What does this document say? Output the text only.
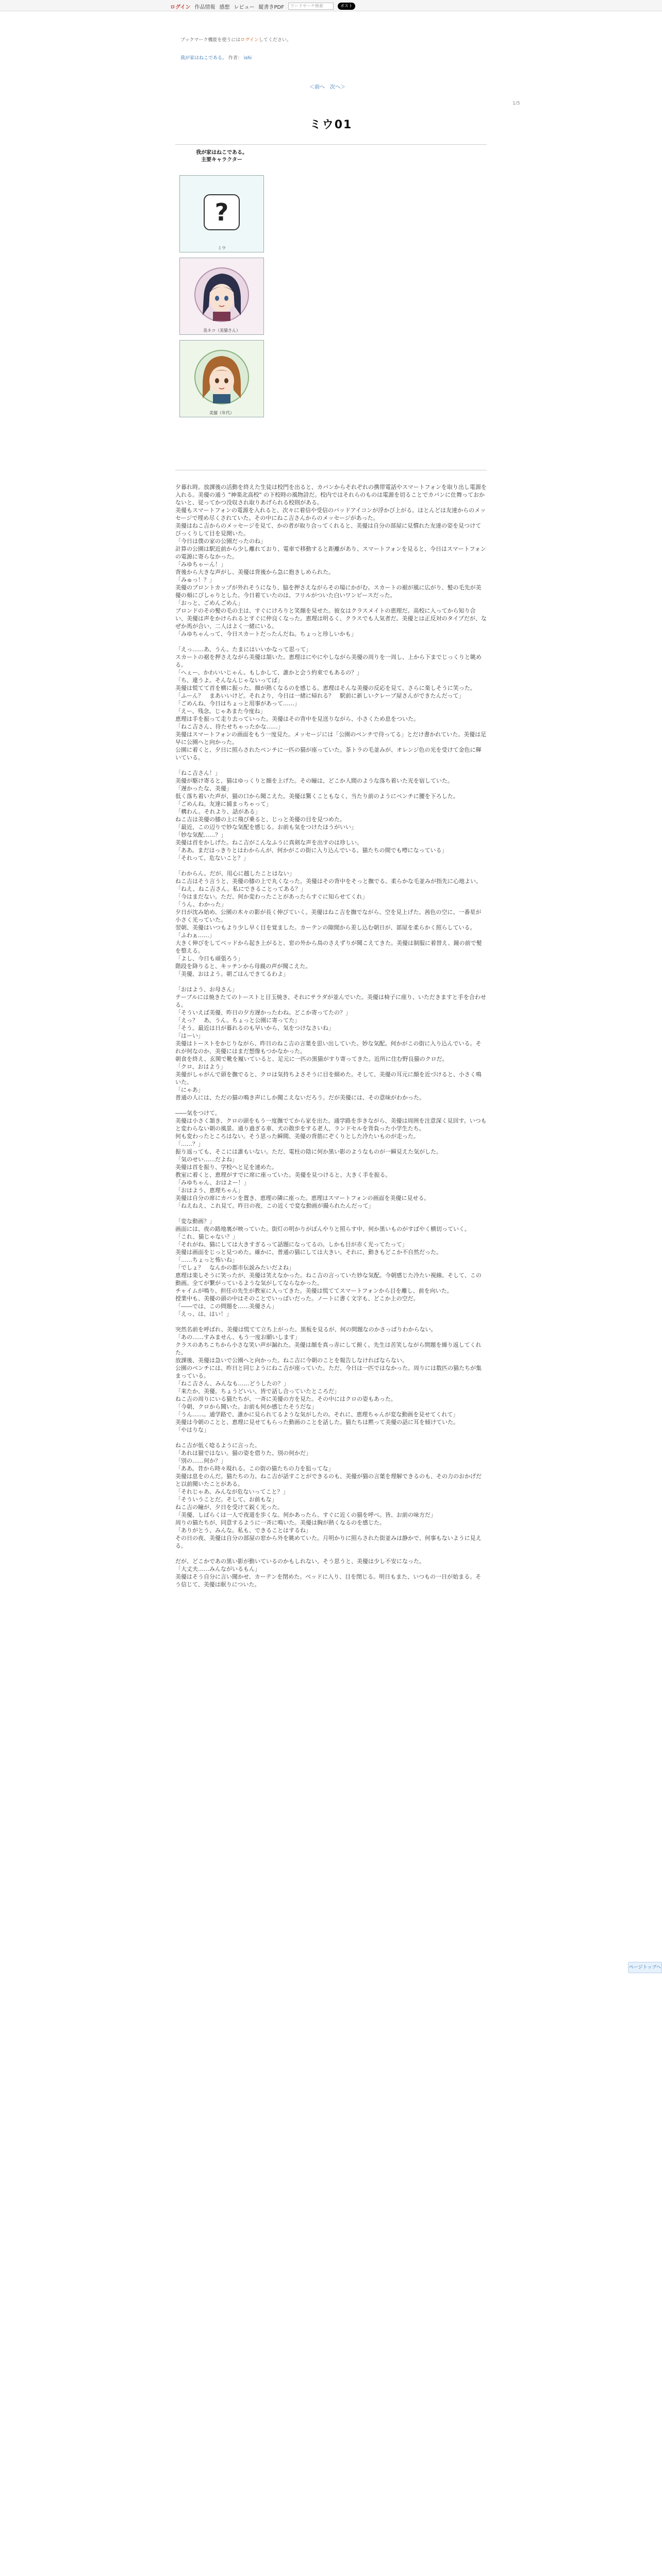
ログイン 作品情報 感想 レビュー 縦書きPDF	ワードサーチ検索	ポスト
ブックマーク機能を使うにはログインしてください。
我が家はねこである。 作者： ishi
＜前へ 次へ＞
1/5
ミウ01
我が家はねこである。
主要キャラクター
?
ミウ
美ネコ（美猫さん）
美猫（年代）

夕暮れ時。放課後の活動を終えた生徒は校門を出ると、カバンからそれぞれの携帯電話やスマートフォンを取り出し電源を入れる。美優の通う "神楽北高校" の下校時の風物詩だ。校内ではそれらのものは電源を切ることでカバンに仕舞っておかないと、従ってかつ没収され取りあげられる校則がある。

美優もスマートフォンの電源を入れると、次々に着信や受信のバッドアイコンが浮かび上がる。ほとんどは友達からのメッセージで埋め尽くされていた。その中にねこ吉さんからのメッセージがあった。

美優はねこ吉からのメッセージを見て、かの者が取り合ってくれると、美優は自分の部屋に見慣れた友達の姿を見つけてびっくりして目を見開いた。

「今日は僕の家の公園だったのね」

計算の公園は駅近前から少し離れており、電車で移動すると距離があり、スマートフォンを見ると、今日はスマートフォンの電源に寄らなかった。

「みゆちゃーん！」

背後から大きな声がし、美優は背後から急に抱きしめられた。

「みゅっ！？」

美優のプロントカップが外れそうになり、脇を押さえながらその場にかがむ。スカートの裾が風に広がり、髪の毛先が美優の頬にぴしゃりとした。今日着ていたのは、フリルがついた白いワンピースだった。

「おっと、ごめんごめん」

ブロンドのその髪の毛の主は、すぐにけろりと笑顔を見せた。彼女はクラスメイトの恵理だ。高校に入ってから知り合い、美優は声をかけられるとすぐに仲良くなった。恵理は明るく、クラスでも人気者だ。美優とは正反対のタイプだが、なぜか馬が合い、二人はよく一緒にいる。

「みゆちゃんって、今日スカートだったんだね。ちょっと珍しいかも」

「えっ……あ、うん。たまにはいいかなって思って」

スカートの裾を押さえながら美優は頷いた。恵理はにやにやしながら美優の周りを一周し、上から下までじっくりと眺める。

「へぇー、かわいいじゃん。もしかして、誰かと会う約束でもあるの？」

「ち、違うよ。そんなんじゃないってば」

美優は慌てて首を横に振った。顔が熱くなるのを感じる。恵理はそんな美優の反応を見て、さらに楽しそうに笑った。

「ふーん？　まあいいけど。それより、今日は一緒に帰れる？　駅前に新しいクレープ屋さんができたんだって」

「ごめんね、今日はちょっと用事があって……」

「えー、残念。じゃあまた今度ね」

恵理は手を振って走り去っていった。美優はその背中を見送りながら、小さくため息をついた。

「ねこ吉さん、待たせちゃったかな……」

美優はスマートフォンの画面をもう一度見た。メッセージには「公園のベンチで待ってる」とだけ書かれていた。美優は足早に公園へと向かった。

公園に着くと、夕日に照らされたベンチに一匹の猫が座っていた。茶トラの毛並みが、オレンジ色の光を受けて金色に輝いている。

「ねこ吉さん！」

美優が駆け寄ると、猫はゆっくりと顔を上げた。その瞳は、どこか人間のような落ち着いた光を宿していた。

「遅かったな、美優」

低く落ち着いた声が、猫の口から聞こえた。美優は驚くこともなく、当たり前のようにベンチに腰を下ろした。

「ごめんね。友達に捕まっちゃって」

「構わん。それより、話がある」

ねこ吉は美優の膝の上に飛び乗ると、じっと美優の目を見つめた。

「最近、この辺りで妙な気配を感じる。お前も気をつけたほうがいい」

「妙な気配……？」

美優は首をかしげた。ねこ吉がこんなふうに真剣な声を出すのは珍しい。

「ああ。まだはっきりとはわからんが、何かがこの街に入り込んでいる。猫たちの間でも噂になっている」

「それって、危ないこと？」

「わからん。だが、用心に越したことはない」

ねこ吉はそう言うと、美優の膝の上で丸くなった。美優はその背中をそっと撫でる。柔らかな毛並みが指先に心地よい。

「ねえ、ねこ吉さん。私にできることってある？」

「今はまだない。ただ、何か変わったことがあったらすぐに知らせてくれ」

「うん、わかった」

夕日が沈み始め、公園の木々の影が長く伸びていく。美優はねこ吉を撫でながら、空を見上げた。茜色の空に、一番星が小さく光っていた。

翌朝、美優はいつもより少し早く目を覚ました。カーテンの隙間から差し込む朝日が、部屋を柔らかく照らしている。

「ふわぁ……」

大きく伸びをしてベッドから起き上がると、窓の外から鳥のさえずりが聞こえてきた。美優は制服に着替え、鏡の前で髪を整える。

「よし、今日も頑張ろう」

階段を降りると、キッチンから母親の声が聞こえた。

「美優、おはよう。朝ごはんできてるわよ」

「おはよう、お母さん」

テーブルには焼きたてのトーストと目玉焼き、それにサラダが並んでいた。美優は椅子に座り、いただきますと手を合わせる。

「そういえば美優、昨日の夕方遅かったわね。どこか寄ってたの？」

「えっ？　あ、うん。ちょっと公園に寄ってた」

「そう。最近は日が暮れるのも早いから、気をつけなさいね」

「はーい」

美優はトーストをかじりながら、昨日のねこ吉の言葉を思い出していた。妙な気配。何かがこの街に入り込んでいる。それが何なのか、美優にはまだ想像もつかなかった。

朝食を終え、玄関で靴を履いていると、足元に一匹の黒猫がすり寄ってきた。近所に住む野良猫のクロだ。

「クロ、おはよう」

美優がしゃがんで頭を撫でると、クロは気持ちよさそうに目を細めた。そして、美優の耳元に顔を近づけると、小さく鳴いた。

「にゃあ」

普通の人には、ただの猫の鳴き声にしか聞こえないだろう。だが美優には、その意味がわかった。

――気をつけて。

美優は小さく頷き、クロの頭をもう一度撫でてから家を出た。通学路を歩きながら、美優は周囲を注意深く見回す。いつもと変わらない朝の風景。通り過ぎる車、犬の散歩をする老人、ランドセルを背負った小学生たち。

何も変わったところはない。そう思った瞬間、美優の背筋にぞくりとした冷たいものが走った。

「……？」

振り返っても、そこには誰もいない。ただ、電柱の陰に何か黒い影のようなものが一瞬見えた気がした。

「気のせい……だよね」

美優は首を振り、学校へと足を速めた。

教室に着くと、恵理がすでに席に座っていた。美優を見つけると、大きく手を振る。

「みゆちゃん、おはよー！」

「おはよう、恵理ちゃん」

美優は自分の席にカバンを置き、恵理の隣に座った。恵理はスマートフォンの画面を美優に見せる。

「ねえねえ、これ見て。昨日の夜、この近くで変な動画が撮られたんだって」

「変な動画？」

画面には、夜の路地裏が映っていた。街灯の明かりがぼんやりと照らす中、何か黒いものがすばやく横切っていく。

「これ、猫じゃない？」

「それがね、猫にしては大きすぎるって話題になってるの。しかも目が赤く光ってたって」

美優は画面をじっと見つめた。確かに、普通の猫にしては大きい。それに、動きもどこか不自然だった。

「……ちょっと怖いね」

「でしょ？　なんかの都市伝説みたいだよね」

恵理は楽しそうに笑ったが、美優は笑えなかった。ねこ吉の言っていた妙な気配。今朝感じた冷たい視線。そして、この動画。全てが繋がっているような気がしてならなかった。

チャイムが鳴り、担任の先生が教室に入ってきた。美優は慌ててスマートフォンから目を離し、前を向いた。

授業中も、美優の頭の中はそのことでいっぱいだった。ノートに書く文字も、どこか上の空だ。

「――では、この問題を……美優さん」

「えっ、は、はい！」

突然名前を呼ばれ、美優は慌てて立ち上がった。黒板を見るが、何の問題なのかさっぱりわからない。

「あの……すみません、もう一度お願いします」

クラスのあちこちから小さな笑い声が漏れた。美優は顔を真っ赤にして俯く。先生は苦笑しながら問題を繰り返してくれた。

放課後、美優は急いで公園へと向かった。ねこ吉に今朝のことを報告しなければならない。

公園のベンチには、昨日と同じようにねこ吉が座っていた。ただ、今日は一匹ではなかった。周りには数匹の猫たちが集まっている。

「ねこ吉さん、みんなも……どうしたの？」

「来たか、美優。ちょうどいい、皆で話し合っていたところだ」

ねこ吉の周りにいる猫たちが、一斉に美優の方を見た。その中にはクロの姿もあった。

「今朝、クロから聞いた。お前も何か感じたそうだな」

「うん……。通学路で、誰かに見られてるような気がしたの。それに、恵理ちゃんが変な動画を見せてくれて」

美優は今朝のことと、恵理に見せてもらった動画のことを話した。猫たちは黙って美優の話に耳を傾けていた。

「やはりな」

ねこ吉が低く唸るように言った。

「あれは猫ではない。猫の姿を借りた、別の何かだ」

「別の……何か？」

「ああ。昔から時々現れる。この街の猫たちの力を狙ってな」

美優は息をのんだ。猫たちの力。ねこ吉が話すことができるのも、美優が猫の言葉を理解できるのも、その力のおかげだと以前聞いたことがある。

「それじゃあ、みんなが危ないってこと？」

「そういうことだ。そして、お前もな」

ねこ吉の瞳が、夕日を受けて鋭く光った。

「美優、しばらくは一人で夜道を歩くな。何かあったら、すぐに近くの猫を呼べ。皆、お前の味方だ」

周りの猫たちが、同意するように一斉に鳴いた。美優は胸が熱くなるのを感じた。

「ありがとう、みんな。私も、できることはするね」

その日の夜、美優は自分の部屋の窓から外を眺めていた。月明かりに照らされた街並みは静かで、何事もないように見える。

だが、どこかであの黒い影が動いているのかもしれない。そう思うと、美優は少し不安になった。

「大丈夫……みんながいるもん」

美優はそう自分に言い聞かせ、カーテンを閉めた。ベッドに入り、目を閉じる。明日もまた、いつもの一日が始まる。そう信じて、美優は眠りについた。

ページトップへ
